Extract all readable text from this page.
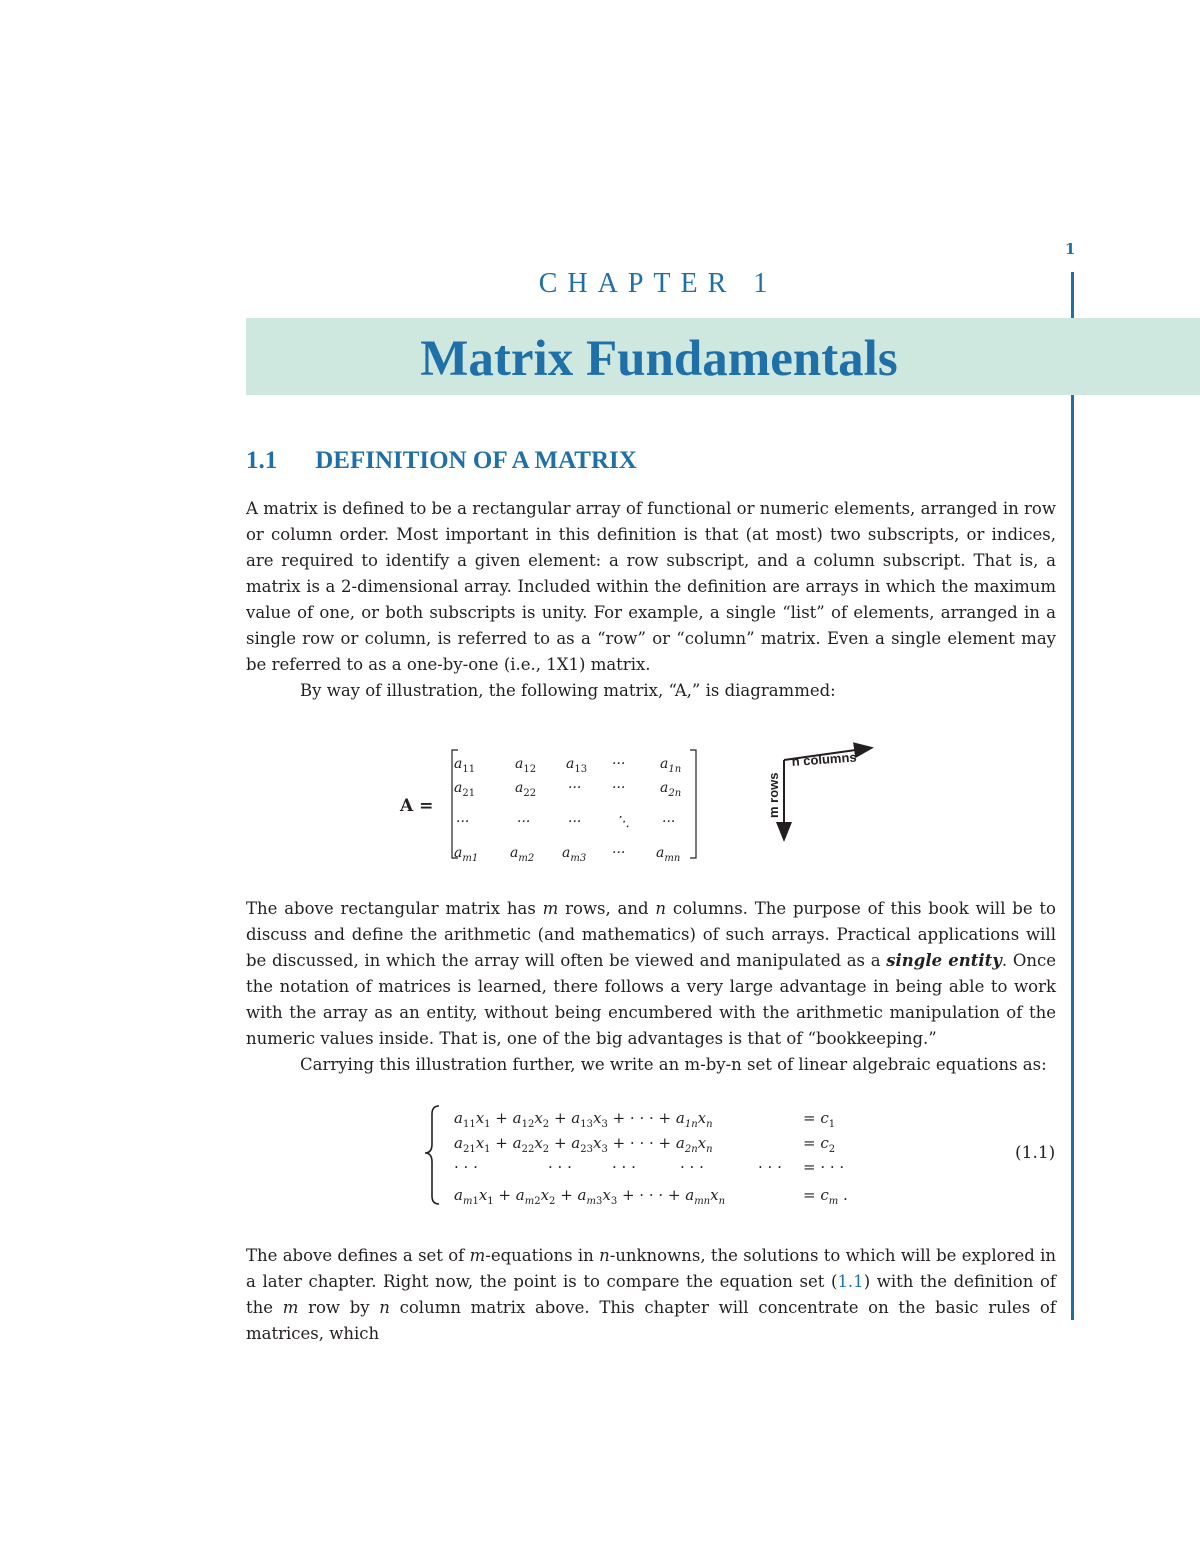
1
CHAPTER 1
Matrix Fundamentals
1.1 DEFINITION OF A MATRIX
A matrix is defined to be a rectangular array of functional or numeric elements, arranged in row or column order. Most important in this definition is that (at most) two subscripts, or indices, are required to identify a given element: a row subscript, and a column subscript. That is, a matrix is a 2-dimensional array. Included within the definition are arrays in which the maximum value of one, or both subscripts is unity. For example, a single “list” of elements, arranged in a single row or column, is referred to as a “row” or “column” matrix. Even a single element may be referred to as a one-by-one (i.e., 1X1) matrix.
By way of illustration, the following matrix, “A,” is diagrammed:
A =
$a_{11}$	$a_{12}$ $a_{13}$ ··· $a_{1n}$
$a_{21}$	$a_{22}$ ··· ··· $a_{2n}$
···	···	··· ⋱ ···
$a_{m1}$ $a_{m2}$ $a_{m3}$ ··· $a_{mn}$
n columns
m rows
The above rectangular matrix has m rows, and n columns. The purpose of this book will be to discuss and define the arithmetic (and mathematics) of such arrays. Practical applications will be discussed, in which the array will often be viewed and manipulated as a single entity. Once the notation of matrices is learned, there follows a very large advantage in being able to work with the array as an entity, without being encumbered with the arithmetic manipulation of the numeric values inside. That is, one of the big advantages is that of “bookkeeping.”
Carrying this illustration further, we write an m-by-n set of linear algebraic equations as:
$a_{11}x_1 + a_{12}x_2 + a_{13}x_3$ + · · · + $a_{1n}x_n$	= $c_1$
$a_{21}x_1 + a_{22}x_2 + a_{23}x_3$ + · · · + $a_{2n}x_n$	= $c_2$
· · ·	· · ·	· · ·	· · ·	· · · = · · ·
$a_m1x_1 + a_m2x_2 + a_m3x_3$ + · · · + $a_{mn}x_n$	= $c_m$ .
(1.1)
The above defines a set of m-equations in n-unknowns, the solutions to which will be explored in a later chapter. Right now, the point is to compare the equation set (1.1) with the definition of the m row by n column matrix above. This chapter will concentrate on the basic rules of matrices, which
